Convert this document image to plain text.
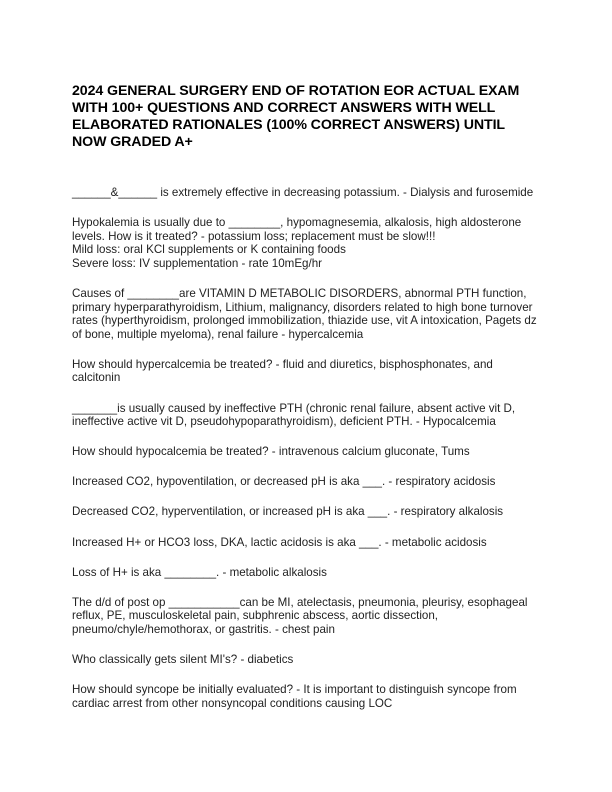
2024 GENERAL SURGERY END OF ROTATION EOR ACTUAL EXAM WITH 100+ QUESTIONS AND CORRECT ANSWERS WITH WELL ELABORATED RATIONALES (100% CORRECT ANSWERS) UNTIL NOW GRADED A+

______&______ is extremely effective in decreasing potassium. - Dialysis and furosemide

Hypokalemia is usually due to ________, hypomagnesemia, alkalosis, high aldosterone levels. How is it treated? - potassium loss; replacement must be slow!!!
Mild loss: oral KCl supplements or K containing foods
Severe loss: IV supplementation - rate 10mEg/hr

Causes of ________are VITAMIN D METABOLIC DISORDERS, abnormal PTH function, primary hyperparathyroidism, Lithium, malignancy, disorders related to high bone turnover rates (hyperthyroidism, prolonged immobilization, thiazide use, vit A intoxication, Pagets dz of bone, multiple myeloma), renal failure - hypercalcemia

How should hypercalcemia be treated? - fluid and diuretics, bisphosphonates, and calcitonin

_______is usually caused by ineffective PTH (chronic renal failure, absent active vit D, ineffective active vit D, pseudohypoparathyroidism), deficient PTH. - Hypocalcemia

How should hypocalcemia be treated? - intravenous calcium gluconate, Tums

Increased CO2, hypoventilation, or decreased pH is aka ___. - respiratory acidosis

Decreased CO2, hyperventilation, or increased pH is aka ___. - respiratory alkalosis

Increased H+ or HCO3 loss, DKA, lactic acidosis is aka ___. - metabolic acidosis

Loss of H+ is aka ________. - metabolic alkalosis

The d/d of post op ___________can be MI, atelectasis, pneumonia, pleurisy, esophageal reflux, PE, musculoskeletal pain, subphrenic abscess, aortic dissection, pneumo/chyle/hemothorax, or gastritis. - chest pain

Who classically gets silent MI's? - diabetics

How should syncope be initially evaluated? - It is important to distinguish syncope from cardiac arrest from other nonsyncopal conditions causing LOC
